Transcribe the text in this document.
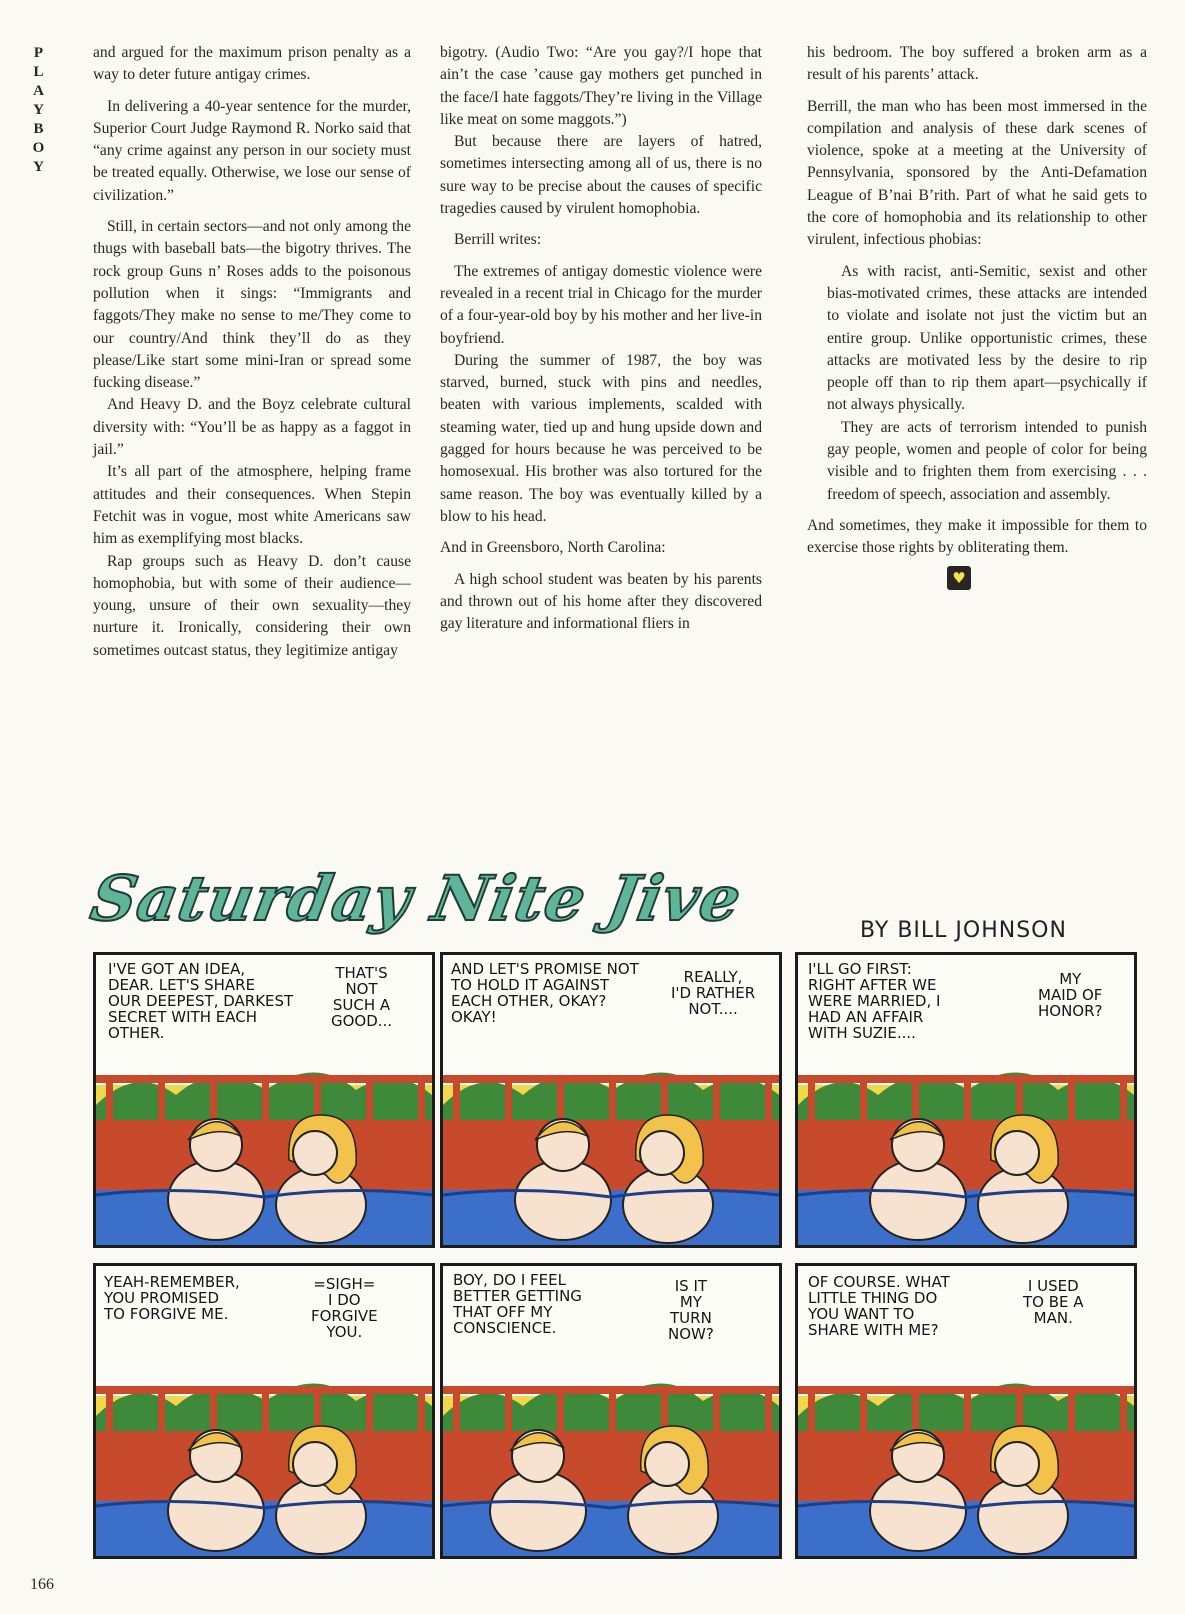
P
L
A
Y
B
O
Y

and argued for the maximum prison penalty as a way to deter future antigay crimes.

In delivering a 40-year sentence for the murder, Superior Court Judge Raymond R. Norko said that “any crime against any person in our society must be treated equally. Otherwise, we lose our sense of civilization.”

Still, in certain sectors—and not only among the thugs with baseball bats—the bigotry thrives. The rock group Guns n’ Roses adds to the poisonous pollution when it sings: “Immigrants and faggots/They make no sense to me/They come to our country/And think they’ll do as they please/Like start some mini-Iran or spread some fucking disease.”

And Heavy D. and the Boyz celebrate cultural diversity with: “You’ll be as happy as a faggot in jail.”

It’s all part of the atmosphere, helping frame attitudes and their consequences. When Stepin Fetchit was in vogue, most white Americans saw him as exemplifying most blacks.

Rap groups such as Heavy D. don’t cause homophobia, but with some of their audience—young, unsure of their own sexuality—they nurture it. Ironically, considering their own sometimes outcast status, they legitimize antigay

bigotry. (Audio Two: “Are you gay?/I hope that ain’t the case ’cause gay mothers get punched in the face/I hate faggots/They’re living in the Village like meat on some maggots.”)

But because there are layers of hatred, sometimes intersecting among all of us, there is no sure way to be precise about the causes of specific tragedies caused by virulent homophobia.

Berrill writes:

The extremes of antigay domestic violence were revealed in a recent trial in Chicago for the murder of a four-year-old boy by his mother and her live-in boyfriend.

During the summer of 1987, the boy was starved, burned, stuck with pins and needles, beaten with various implements, scalded with steaming water, tied up and hung upside down and gagged for hours because he was perceived to be homosexual. His brother was also tortured for the same reason. The boy was eventually killed by a blow to his head.

And in Greensboro, North Carolina:

A high school student was beaten by his parents and thrown out of his home after they discovered gay literature and informational fliers in

his bedroom. The boy suffered a broken arm as a result of his parents’ attack.

Berrill, the man who has been most immersed in the compilation and analysis of these dark scenes of violence, spoke at a meeting at the University of Pennsylvania, sponsored by the Anti-Defamation League of B’nai B’rith. Part of what he said gets to the core of homophobia and its relationship to other virulent, infectious phobias:

As with racist, anti-Semitic, sexist and other bias-motivated crimes, these attacks are intended to violate and isolate not just the victim but an entire group. Unlike opportunistic crimes, these attacks are motivated less by the desire to rip people off than to rip them apart—psychically if not always physically.

They are acts of terrorism intended to punish gay people, women and people of color for being visible and to frighten them from exercising . . . freedom of speech, association and assembly.

And sometimes, they make it impossible for them to exercise those rights by obliterating them.

♥
Saturday Nite Jive	BY BILL JOHNSON
I'VE GOT AN IDEA,
DEAR. LET'S SHARE
OUR DEEPEST, DARKEST
SECRET WITH EACH
OTHER.
THAT'S
NOT
SUCH A
GOOD...
AND LET'S PROMISE NOT
TO HOLD IT AGAINST
EACH OTHER, OKAY?
OKAY!
REALLY,
I'D RATHER
NOT....
I'LL GO FIRST:
RIGHT AFTER WE
WERE MARRIED, I
HAD AN AFFAIR
WITH SUZIE....
MY
MAID OF
HONOR?
YEAH-REMEMBER,
YOU PROMISED
TO FORGIVE ME.
=SIGH=
I DO
FORGIVE
YOU.
BOY, DO I FEEL
BETTER GETTING
THAT OFF MY
CONSCIENCE.
IS IT
MY
TURN
NOW?
OF COURSE. WHAT
LITTLE THING DO
YOU WANT TO
SHARE WITH ME?
I USED
TO BE A
MAN.
166
